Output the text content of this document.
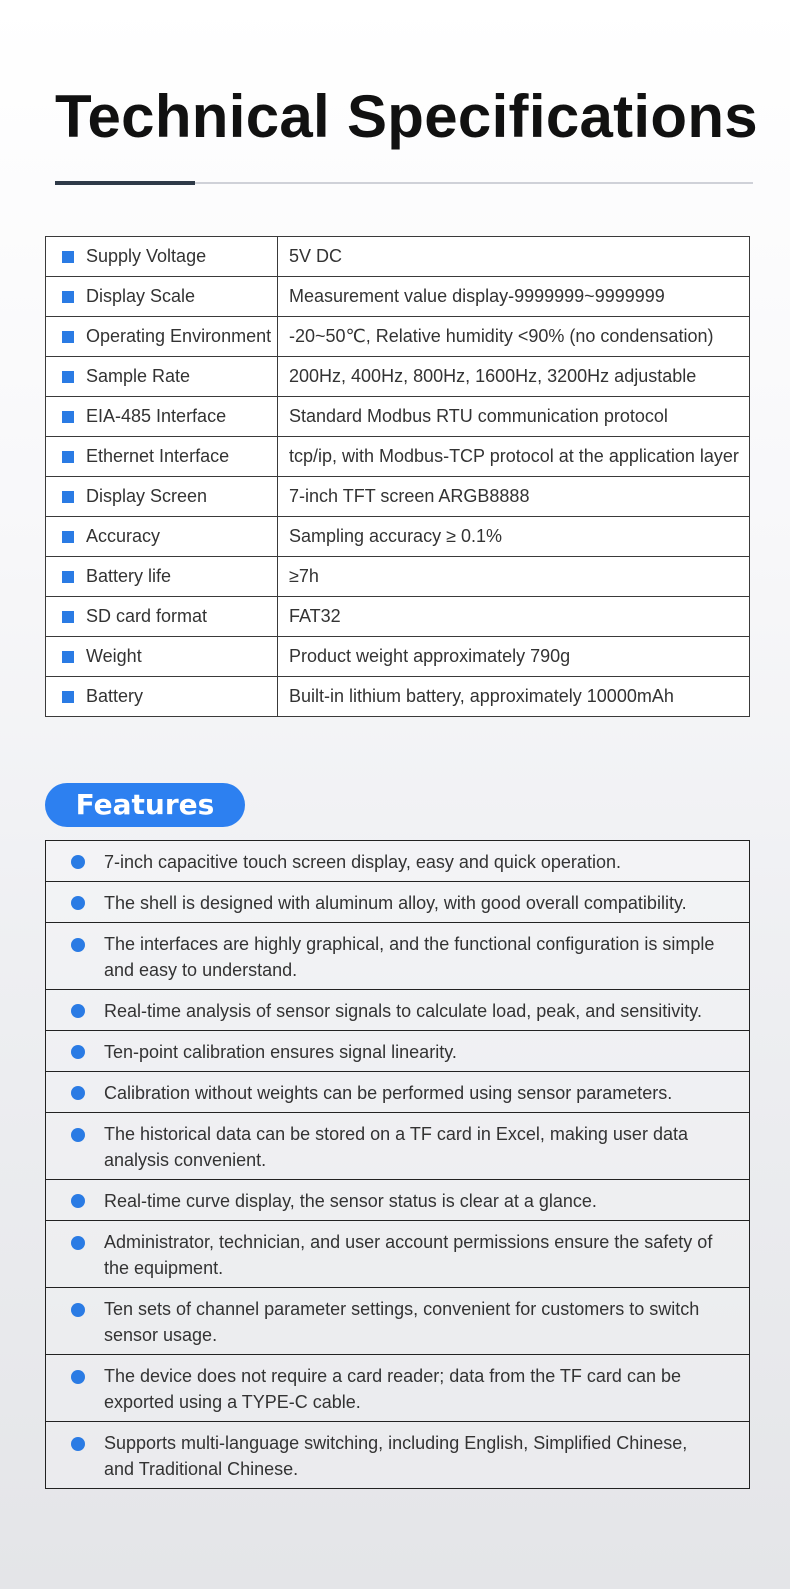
Technical Specifications
Supply Voltage	5V DC
Display Scale	Measurement value display-9999999~9999999
Operating Environment	-20~50℃, Relative humidity <90% (no condensation)
Sample Rate	200Hz, 400Hz, 800Hz, 1600Hz, 3200Hz adjustable
EIA-485 Interface	Standard Modbus RTU communication protocol
Ethernet Interface	tcp/ip, with Modbus-TCP protocol at the application layer
Display Screen	7-inch TFT screen ARGB8888
Accuracy	Sampling accuracy ≥ 0.1%
Battery life	≥7h
SD card format	FAT32
Weight	Product weight approximately 790g
Battery	Built-in lithium battery, approximately 10000mAh
Features
7-inch capacitive touch screen display, easy and quick operation.
The shell is designed with aluminum alloy, with good overall compatibility.
The interfaces are highly graphical, and the functional configuration is simple and easy to understand.
Real-time analysis of sensor signals to calculate load, peak, and sensitivity.
Ten-point calibration ensures signal linearity.
Calibration without weights can be performed using sensor parameters.
The historical data can be stored on a TF card in Excel, making user data analysis convenient.
Real-time curve display, the sensor status is clear at a glance.
Administrator, technician, and user account permissions ensure the safety of the equipment.
Ten sets of channel parameter settings, convenient for customers to switch sensor usage.
The device does not require a card reader; data from the TF card can be exported using a TYPE-C cable.
Supports multi-language switching, including English, Simplified Chinese, and Traditional Chinese.
